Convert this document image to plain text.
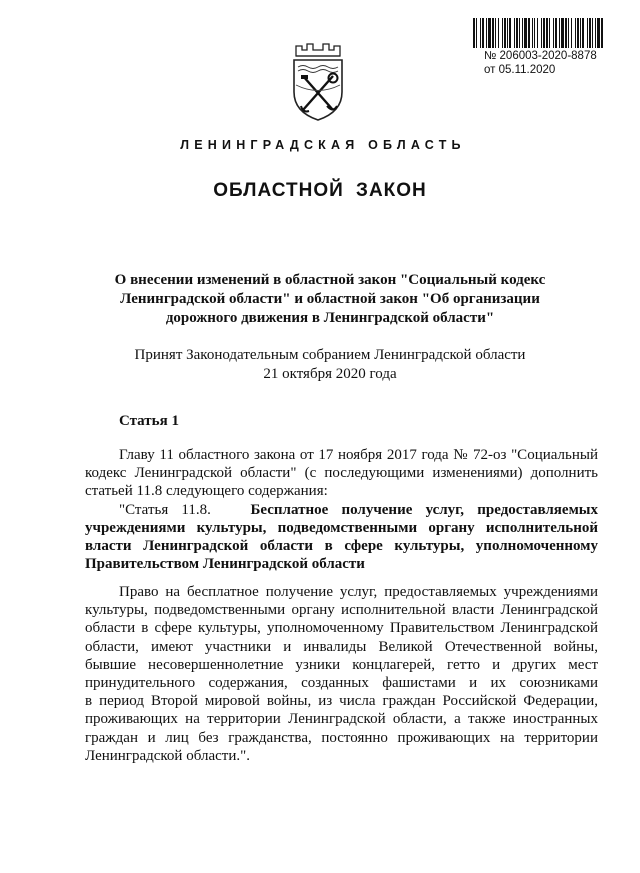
№ 206003-2020-8878
от 05.11.2020
ЛЕНИНГРАДСКАЯ ОБЛАСТЬ
ОБЛАСТНОЙ ЗАКОН
О внесении изменений в областной закон "Социальный кодекс
Ленинградской области" и областной закон "Об организации
дорожного движения в Ленинградской области"
Принят Законодательным собранием Ленинградской области
21 октября 2020 года
Статья 1
Главу 11 областного закона от 17 ноября 2017 года № 72-оз "Социальный
кодекс Ленинградской области" (с последующими изменениями) дополнить
статьей 11.8 следующего содержания:
"Статья 11.8.	Бесплатное получение услуг, предоставляемых
учреждениями культуры, подведомственными органу исполнительной
власти Ленинградской области в сфере культуры, уполномоченному
Правительством Ленинградской области
Право на бесплатное получение услуг, предоставляемых учреждениями
культуры, подведомственными органу исполнительной власти Ленинградской
области в сфере культуры, уполномоченному Правительством Ленинградской
области, имеют участники и инвалиды Великой Отечественной войны,
бывшие несовершеннолетние узники концлагерей, гетто и других мест
принудительного содержания, созданных фашистами и их союзниками
в период Второй мировой войны, из числа граждан Российской Федерации,
проживающих на территории Ленинградской области, а также иностранных
граждан и лиц без гражданства, постоянно проживающих на территории
Ленинградской области.".
